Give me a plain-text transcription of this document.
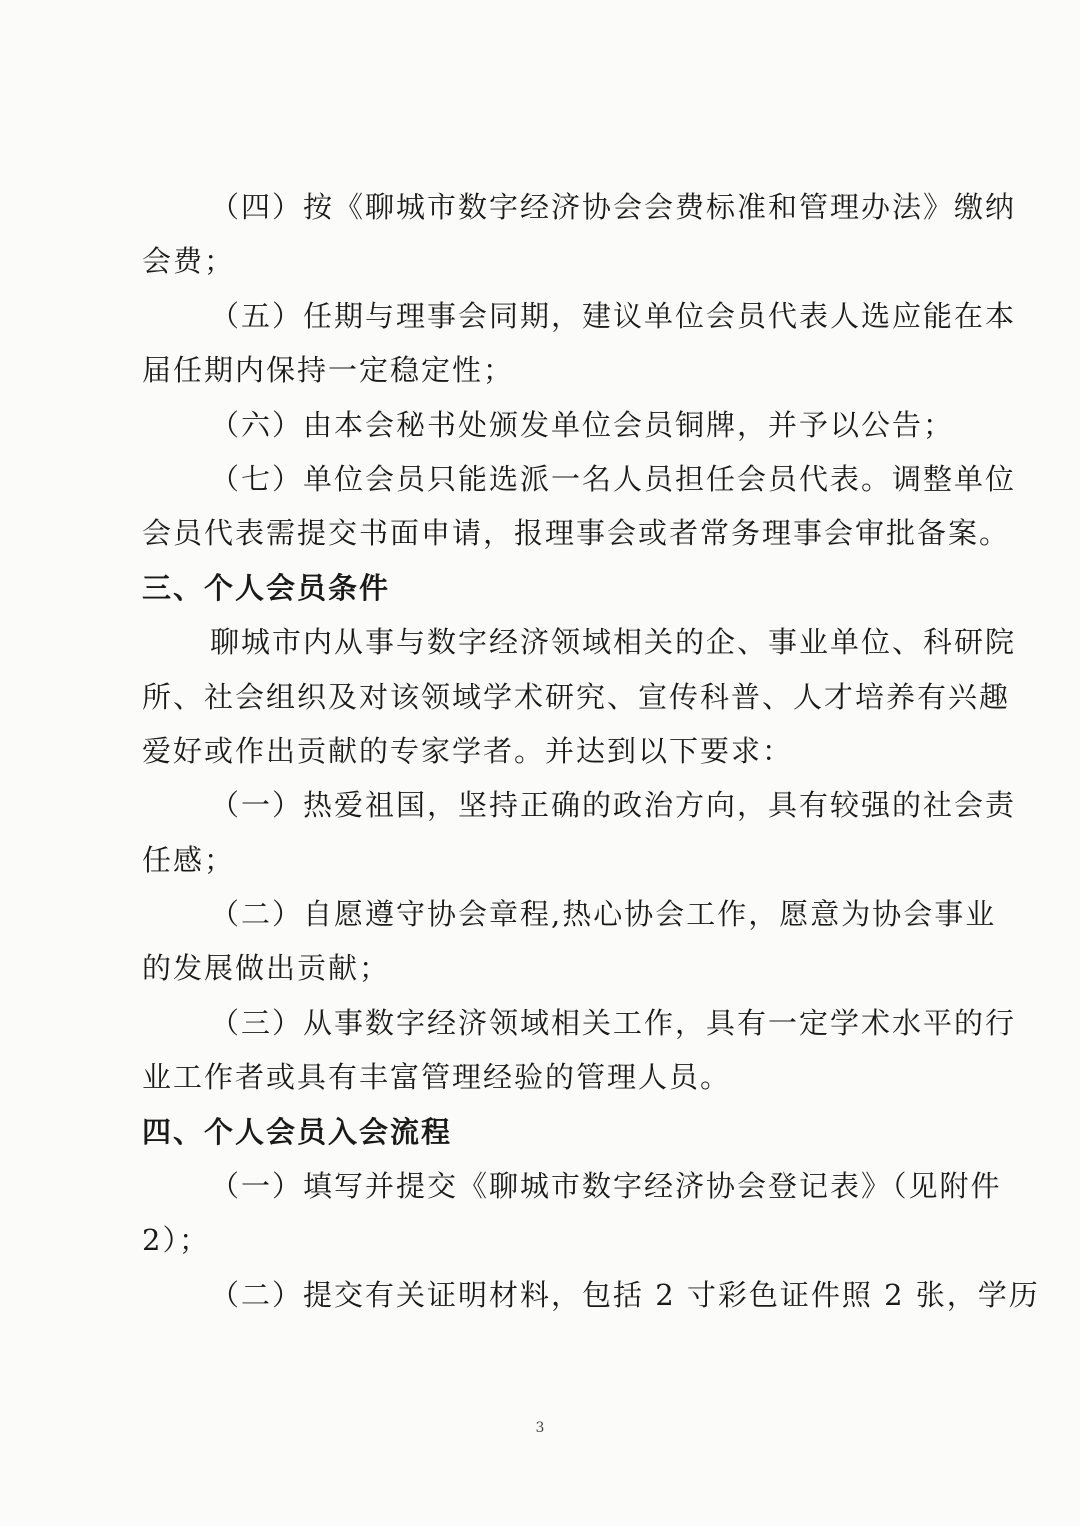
（四）按《聊城市数字经济协会会费标准和管理办法》缴纳
会费；
（五）任期与理事会同期，建议单位会员代表人选应能在本
届任期内保持一定稳定性；
（六）由本会秘书处颁发单位会员铜牌，并予以公告；
（七）单位会员只能选派一名人员担任会员代表。调整单位
会员代表需提交书面申请，报理事会或者常务理事会审批备案。
三、个人会员条件
聊城市内从事与数字经济领域相关的企、事业单位、科研院
所、社会组织及对该领域学术研究、宣传科普、人才培养有兴趣
爱好或作出贡献的专家学者。并达到以下要求：
（一）热爱祖国，坚持正确的政治方向，具有较强的社会责
任感；
（二）自愿遵守协会章程,热心协会工作，愿意为协会事业
的发展做出贡献；
（三）从事数字经济领域相关工作，具有一定学术水平的行
业工作者或具有丰富管理经验的管理人员。
四、个人会员入会流程
（一）填写并提交《聊城市数字经济协会登记表》（见附件
2）；
（二）提交有关证明材料，包括 2 寸彩色证件照 2 张，学历
3
